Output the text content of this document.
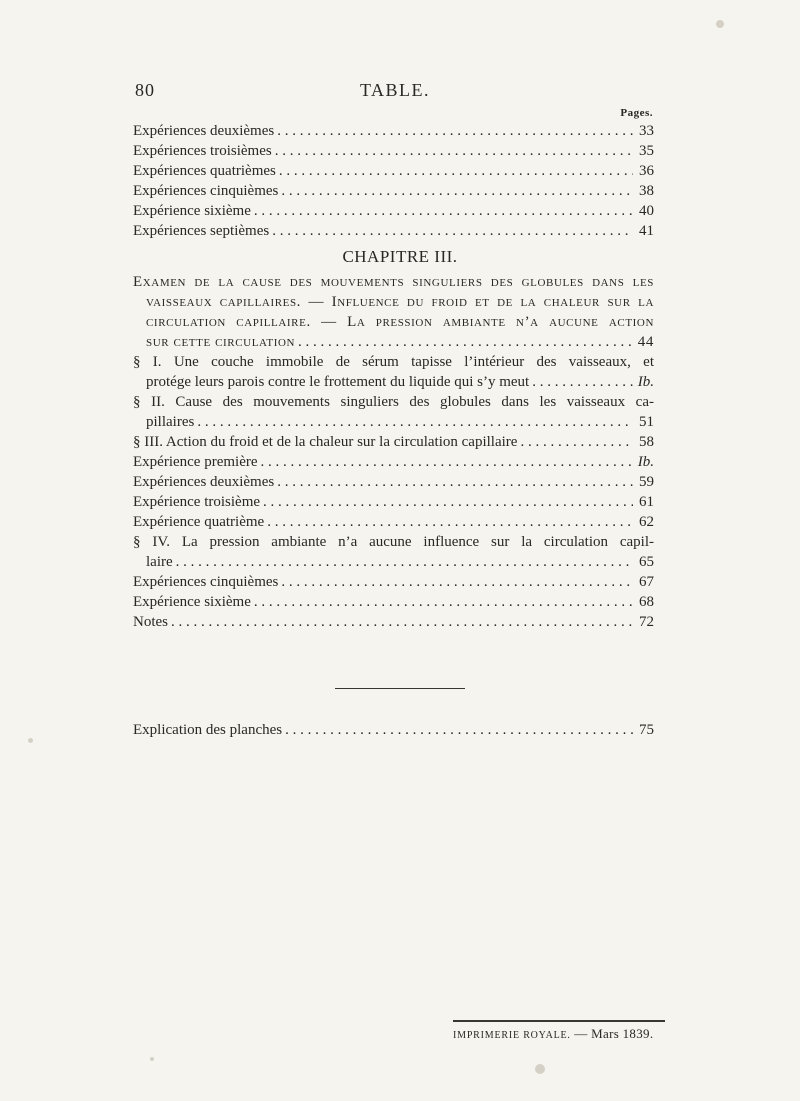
80	TABLE.
Pages.
Expériences deuxièmes . . .	33
Expériences troisièmes . . .	35
Expériences quatrièmes . . .	36
Expériences cinquièmes . . .	38
Expérience sixième . . .	40
Expériences septièmes . . .	41
CHAPITRE III.
Examen de la cause des mouvements singuliers des globules dans les
vaisseaux capillaires. — Influence du froid et de la chaleur sur la
circulation capillaire. — La pression ambiante n’a aucune action
sur cette circulation . . .	44
§ I. Une couche immobile de sérum tapisse l’intérieur des vaisseaux, et
protége leurs parois contre le frottement du liquide qui s’y meut . . .	Ib.
§ II. Cause des mouvements singuliers des globules dans les vaisseaux ca-
pillaires . . .	51
§ III. Action du froid et de la chaleur sur la circulation capillaire . . .	58
Expérience première . . .	Ib.
Expériences deuxièmes . . .	59
Expérience troisième . . .	61
Expérience quatrième . . .	62
§ IV. La pression ambiante n’a aucune influence sur la circulation capil-
laire . . .	65
Expériences cinquièmes . . .	67
Expérience sixième . . .	68
Notes . . .	72
Explication des planches . . .	75
IMPRIMERIE ROYALE. — Mars 1839.
